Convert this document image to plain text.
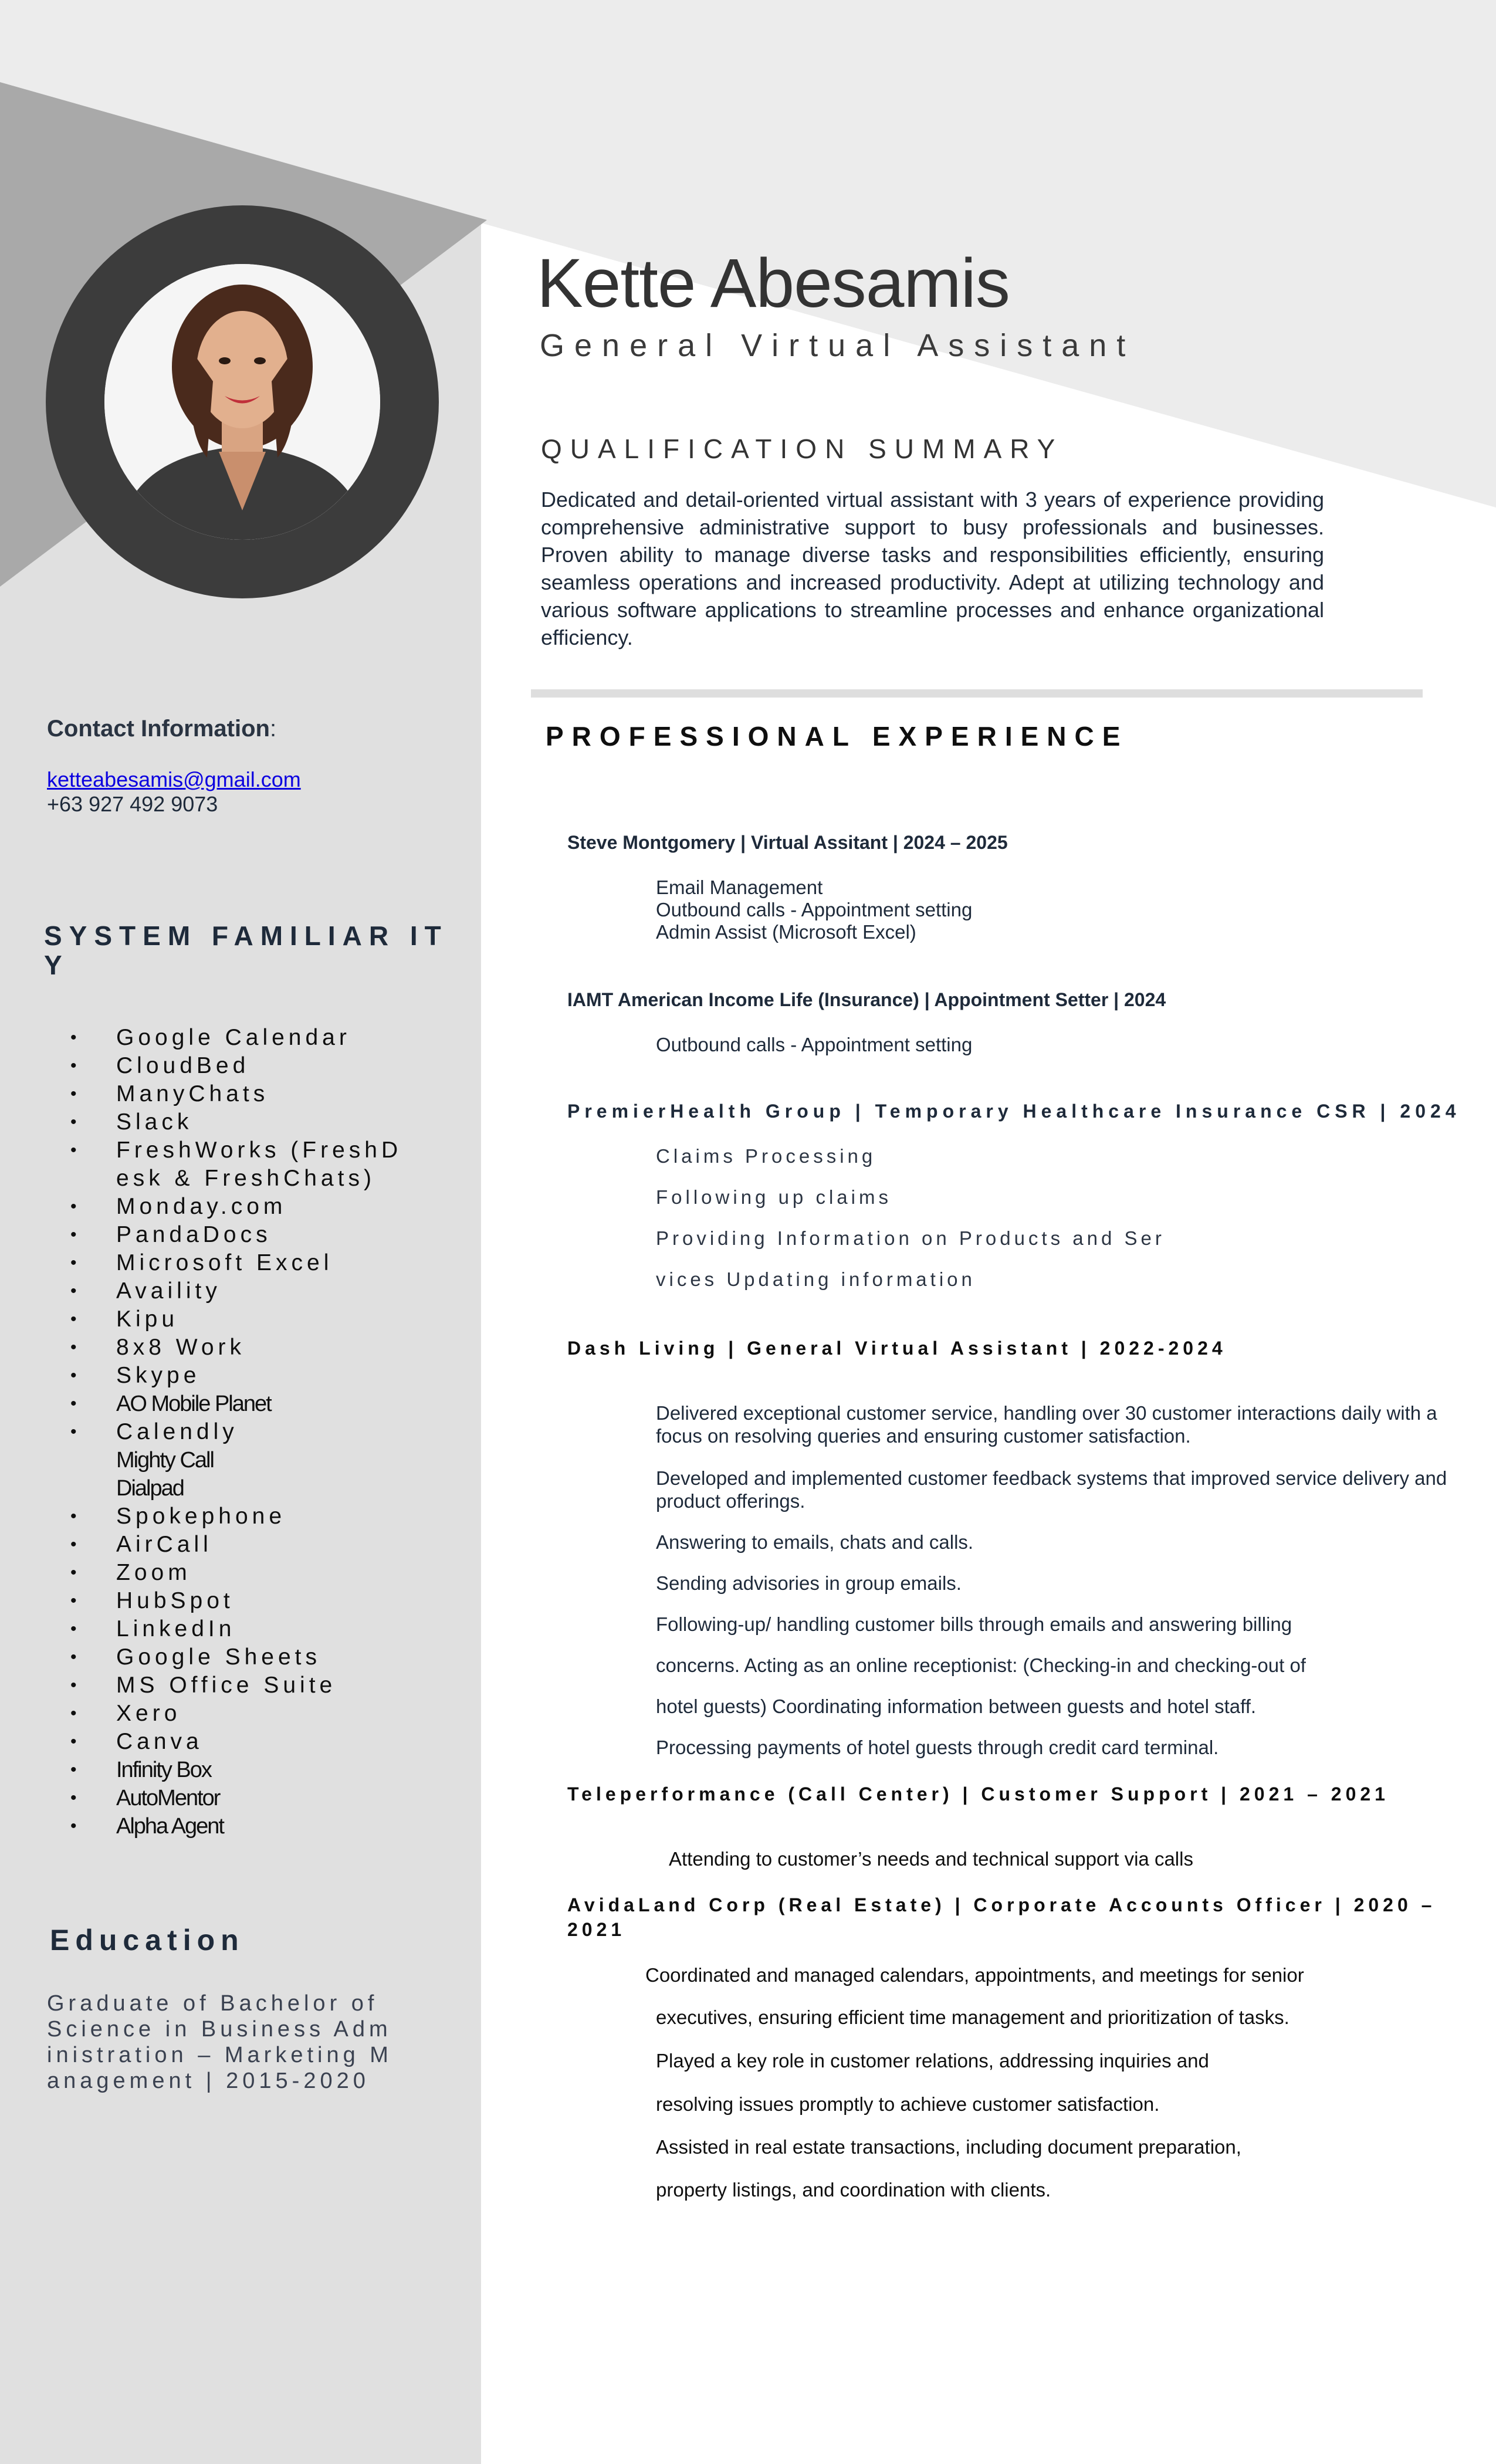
Kette Abesamis
General Virtual Assistant
QUALIFICATION SUMMARY
Dedicated and detail-oriented virtual assistant with 3 years of experience providing comprehensive administrative support to busy professionals and businesses. Proven ability to manage diverse tasks and responsibilities efficiently, ensuring seamless operations and increased productivity. Adept at utilizing technology and various software applications to streamline processes and enhance organizational efficiency.
PROFESSIONAL EXPERIENCE
Contact Information:
ketteabesamis@gmail.com
+63 927 492 9073
SYSTEM FAMILIAR ITY
• Google Calendar
• CloudBed
• ManyChats
• Slack
• FreshWorks (FreshDesk & FreshChats)
• Monday.com
• PandaDocs
• Microsoft Excel
• Availity
• Kipu
• 8x8 Work
• Skype
• AO Mobile Planet
• Calendly
Mighty Call
Dialpad
• Spokephone
• AirCall
• Zoom
• HubSpot
• LinkedIn
• Google Sheets
• MS Office Suite
• Xero
• Canva
• Infinity Box
• AutoMentor
• Alpha Agent
Education
Graduate of Bachelor of Science in Business Administration – Marketing Management | 2015-2020
Steve Montgomery | Virtual Assitant | 2024 – 2025
Email Management
Outbound calls - Appointment setting
Admin Assist (Microsoft Excel)
IAMT American Income Life (Insurance) | Appointment Setter | 2024
Outbound calls - Appointment setting
PremierHealth Group | Temporary Healthcare Insurance CSR | 2024
Claims Processing
Following up claims
Providing Information on Products and Ser
vices Updating information
Dash Living | General Virtual Assistant | 2022-2024
Delivered exceptional customer service, handling over 30 customer interactions daily with a focus on resolving queries and ensuring customer satisfaction.
Developed and implemented customer feedback systems that improved service delivery and product offerings.
Answering to emails, chats and calls.
Sending advisories in group emails.
Following-up/ handling customer bills through emails and answering billing
concerns. Acting as an online receptionist: (Checking-in and checking-out of
hotel guests) Coordinating information between guests and hotel staff.
Processing payments of hotel guests through credit card terminal.
Teleperformance (Call Center) | Customer Support | 2021 – 2021
Attending to customer’s needs and technical support via calls
AvidaLand Corp (Real Estate) | Corporate Accounts Officer | 2020 – 2021
Coordinated and managed calendars, appointments, and meetings for senior
executives, ensuring efficient time management and prioritization of tasks.
Played a key role in customer relations, addressing inquiries and
resolving issues promptly to achieve customer satisfaction.
Assisted in real estate transactions, including document preparation,
property listings, and coordination with clients.
